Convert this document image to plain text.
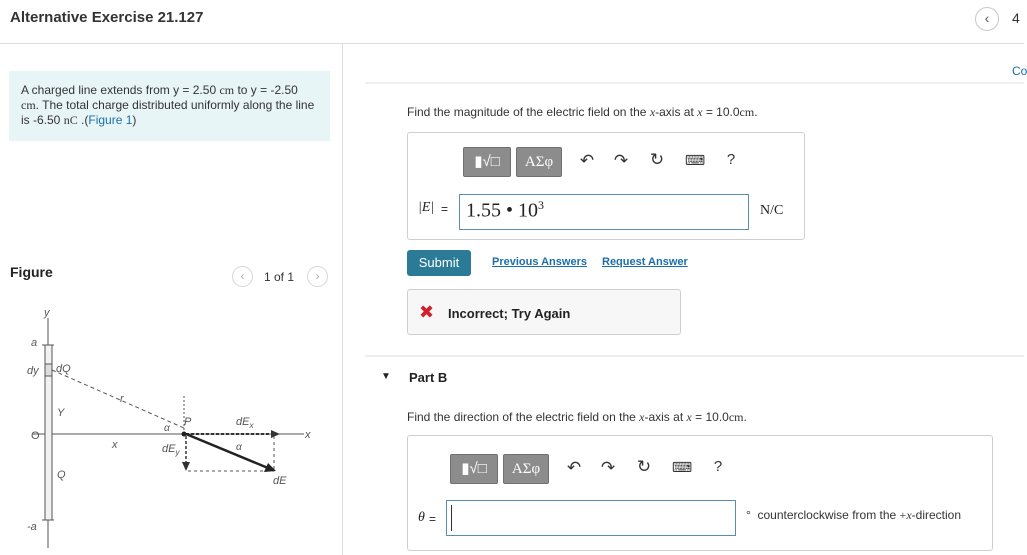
Alternative Exercise 21.127	‹	4
Co
A charged line extends from y = 2.50 cm to y = -2.50 cm. The total charge distributed uniformly along the line is -6.50 nC .(Figure 1)
Figure	‹	1 of 1	›
y
a
dy dQ
Y
O
Q
-a
r
x
α
P	$dE_x$
$dE_y$	α
dE
x
Find the magnitude of the electric field on the x-axis at x = 10.0cm.
▮√□	ΑΣφ	↶ ↷ ↻ ⌨	?
|E| = 1.55 • $10^3$	N/C
Submit	Previous Answers Request Answer
✖ Incorrect; Try Again
▼ Part B
Find the direction of the electric field on the x-axis at x = 10.0cm.
▮√□	ΑΣφ	↶ ↷ ↻ ⌨	?
θ =	° counterclockwise from the +x-direction
